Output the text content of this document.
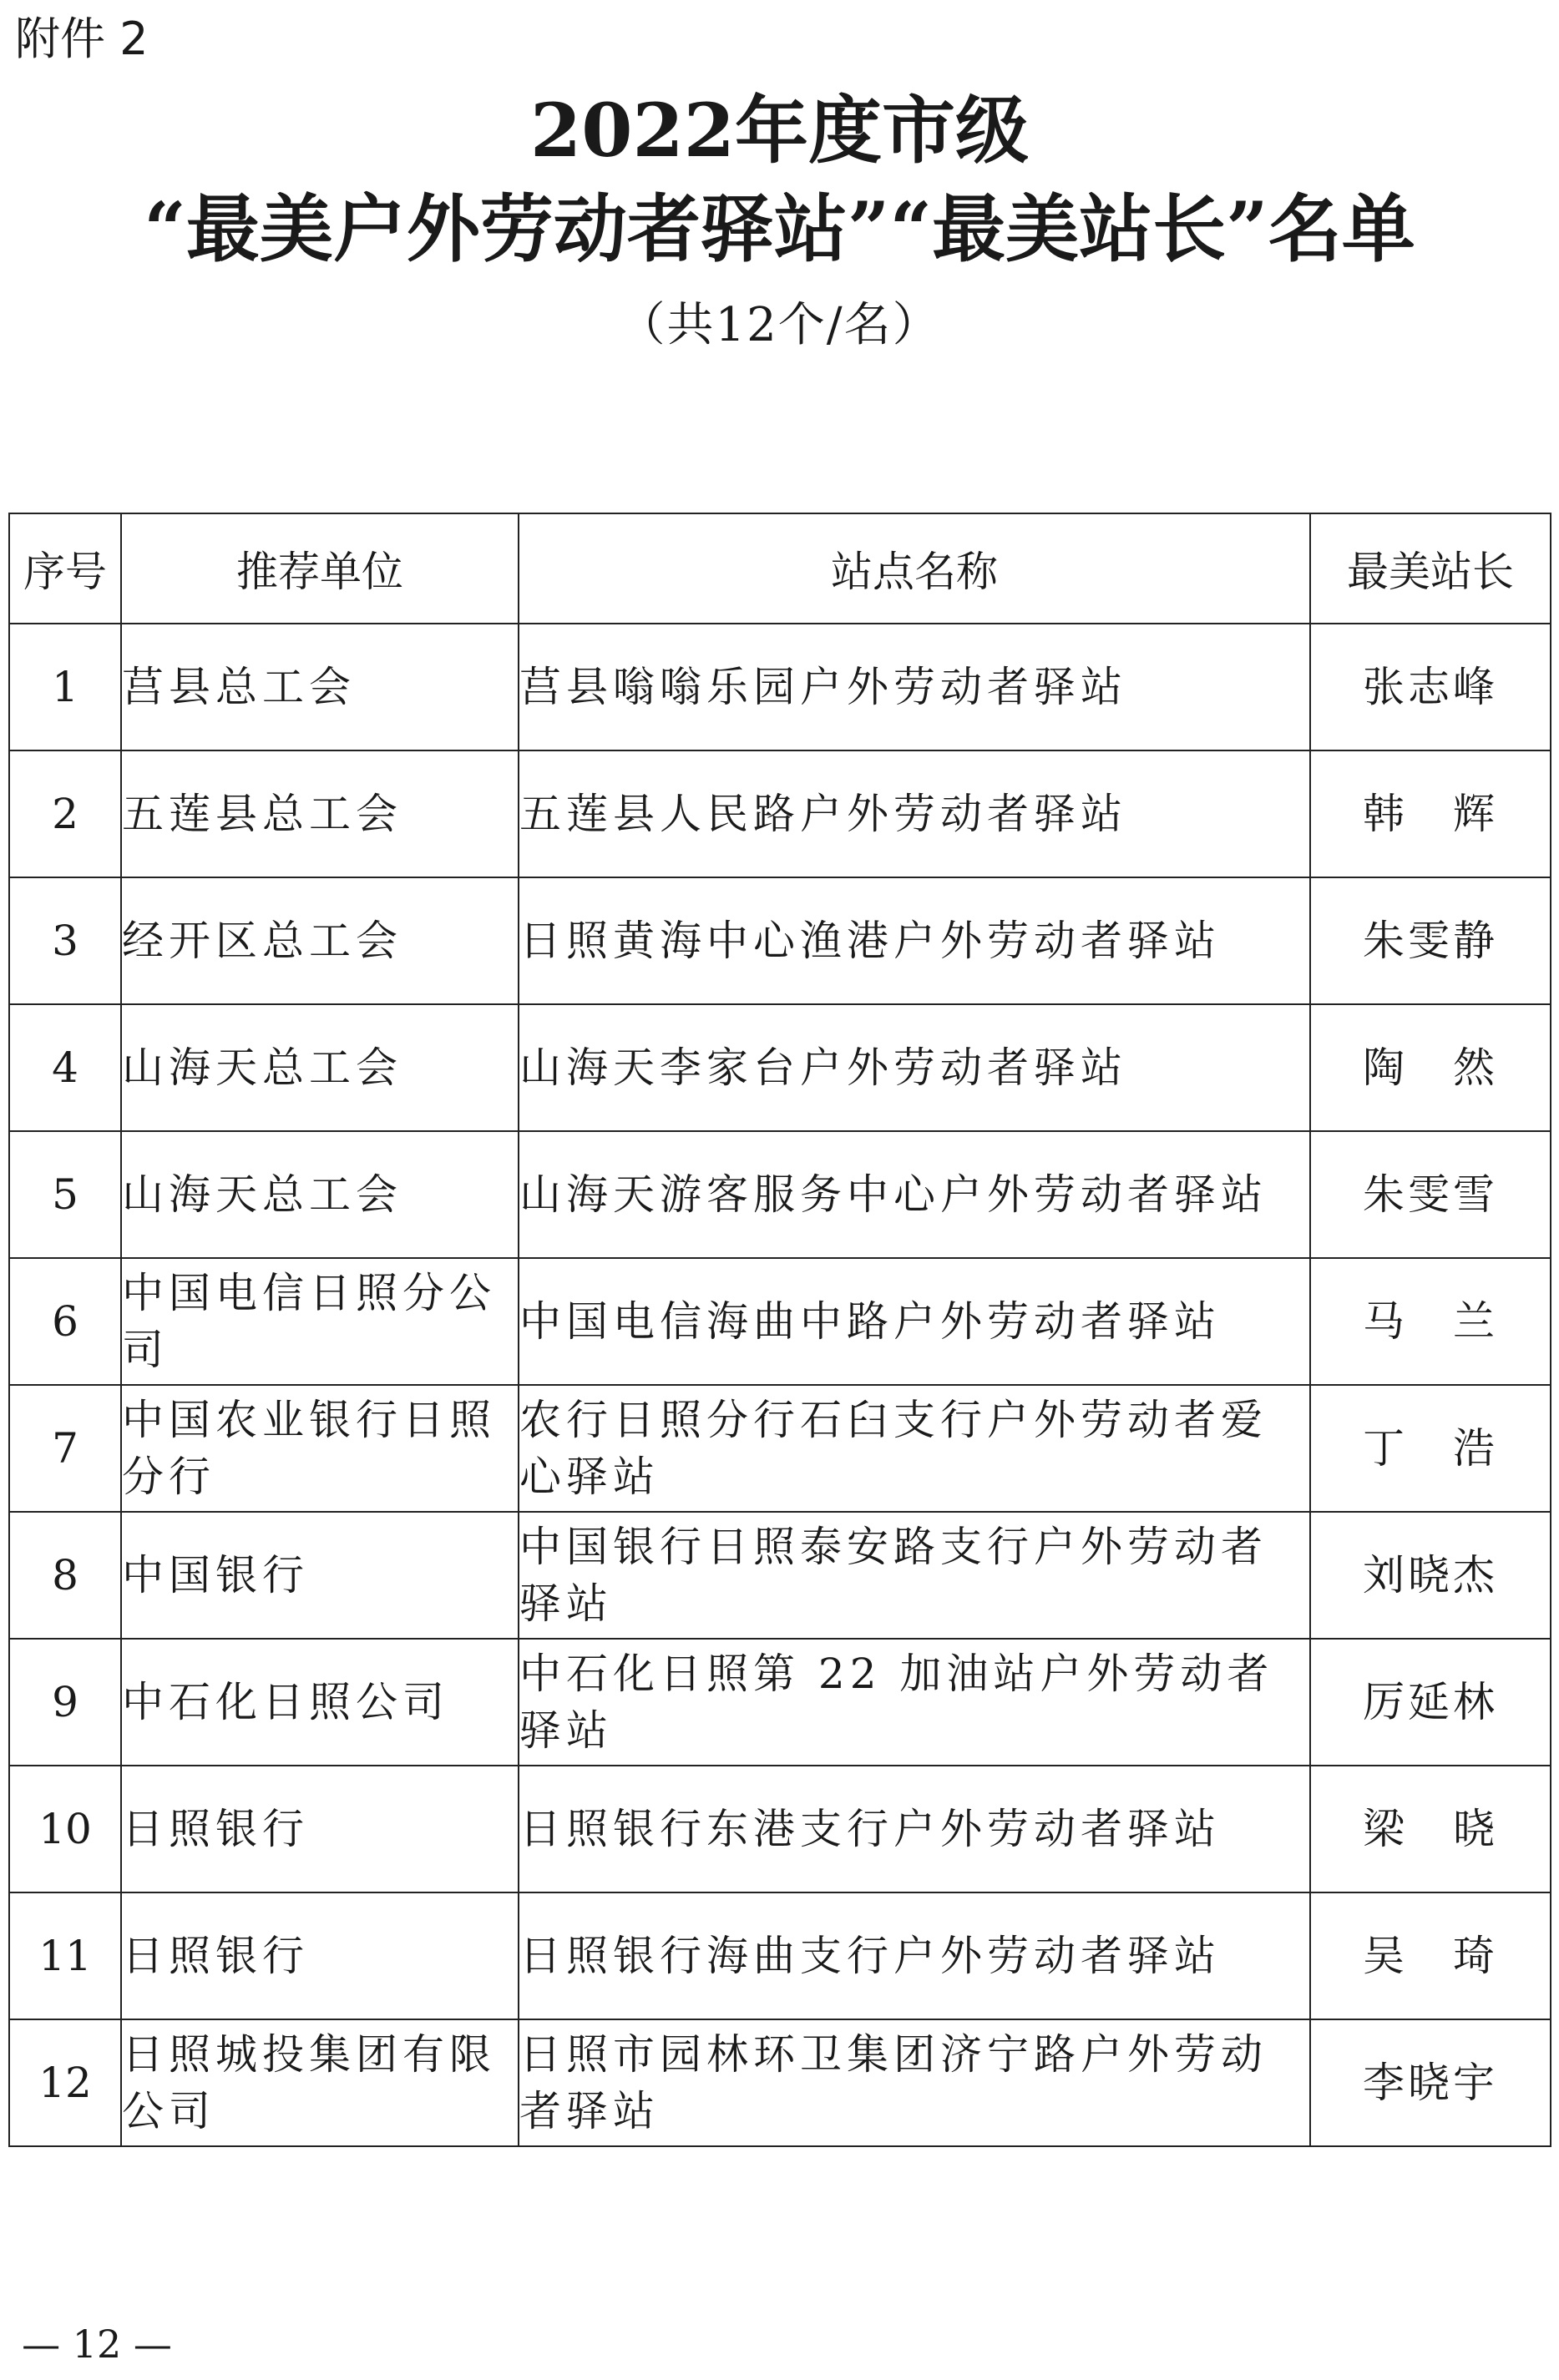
附件 2

2022年度市级
“最美户外劳动者驿站”“最美站长”名单

（共12个/名）

序号	推荐单位	站点名称	最美站长
1	莒县总工会	莒县嗡嗡乐园户外劳动者驿站	张志峰
2	五莲县总工会	五莲县人民路户外劳动者驿站	韩　辉
3	经开区总工会	日照黄海中心渔港户外劳动者驿站	朱雯静
4	山海天总工会	山海天李家台户外劳动者驿站	陶　然
5	山海天总工会	山海天游客服务中心户外劳动者驿站	朱雯雪
6	中国电信日照分公司	中国电信海曲中路户外劳动者驿站	马　兰
7	中国农业银行日照分行	农行日照分行石臼支行户外劳动者爱心驿站	丁　浩
8	中国银行	中国银行日照泰安路支行户外劳动者驿站	刘晓杰
9	中石化日照公司	中石化日照第 22 加油站户外劳动者驿站	厉延林
10	日照银行	日照银行东港支行户外劳动者驿站	梁　晓
11	日照银行	日照银行海曲支行户外劳动者驿站	吴　琦
12	日照城投集团有限公司	日照市园林环卫集团济宁路户外劳动者驿站	李晓宇

— 12 —
